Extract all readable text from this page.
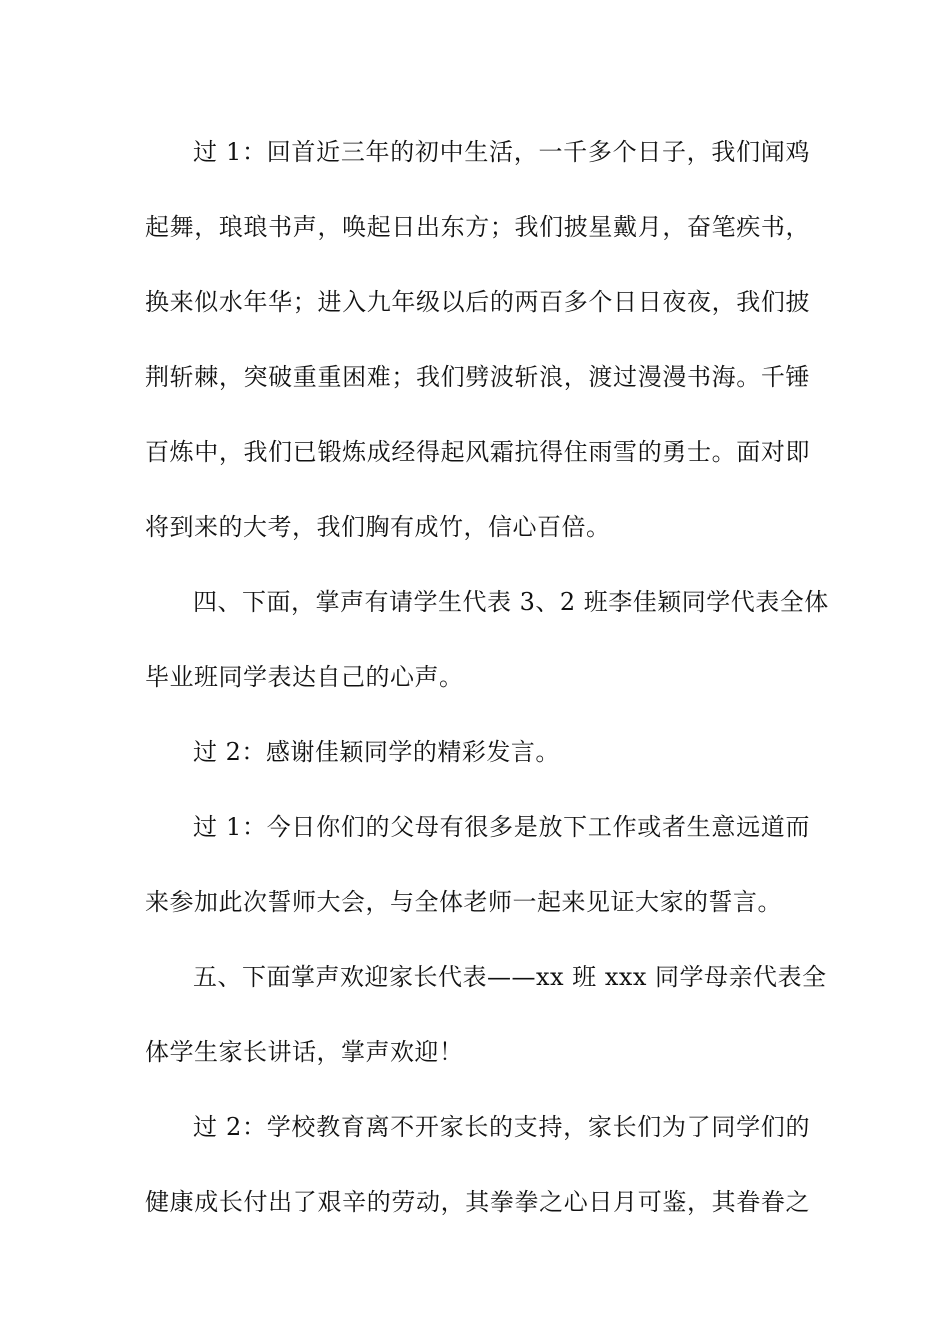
过 1：回首近三年的初中生活，一千多个日子，我们闻鸡
起舞，琅琅书声，唤起日出东方；我们披星戴月，奋笔疾书，
换来似水年华；进入九年级以后的两百多个日日夜夜，我们披
荆斩棘，突破重重困难；我们劈波斩浪，渡过漫漫书海。千锤
百炼中，我们已锻炼成经得起风霜抗得住雨雪的勇士。面对即
将到来的大考，我们胸有成竹，信心百倍。
四、下面，掌声有请学生代表 3、2 班李佳颖同学代表全体
毕业班同学表达自己的心声。
过 2：感谢佳颖同学的精彩发言。
过 1：今日你们的父母有很多是放下工作或者生意远道而
来参加此次誓师大会，与全体老师一起来见证大家的誓言。
五、下面掌声欢迎家长代表——xx 班 xxx 同学母亲代表全
体学生家长讲话，掌声欢迎！
过 2：学校教育离不开家长的支持，家长们为了同学们的
健康成长付出了艰辛的劳动，其拳拳之心日月可鉴，其眷眷之
